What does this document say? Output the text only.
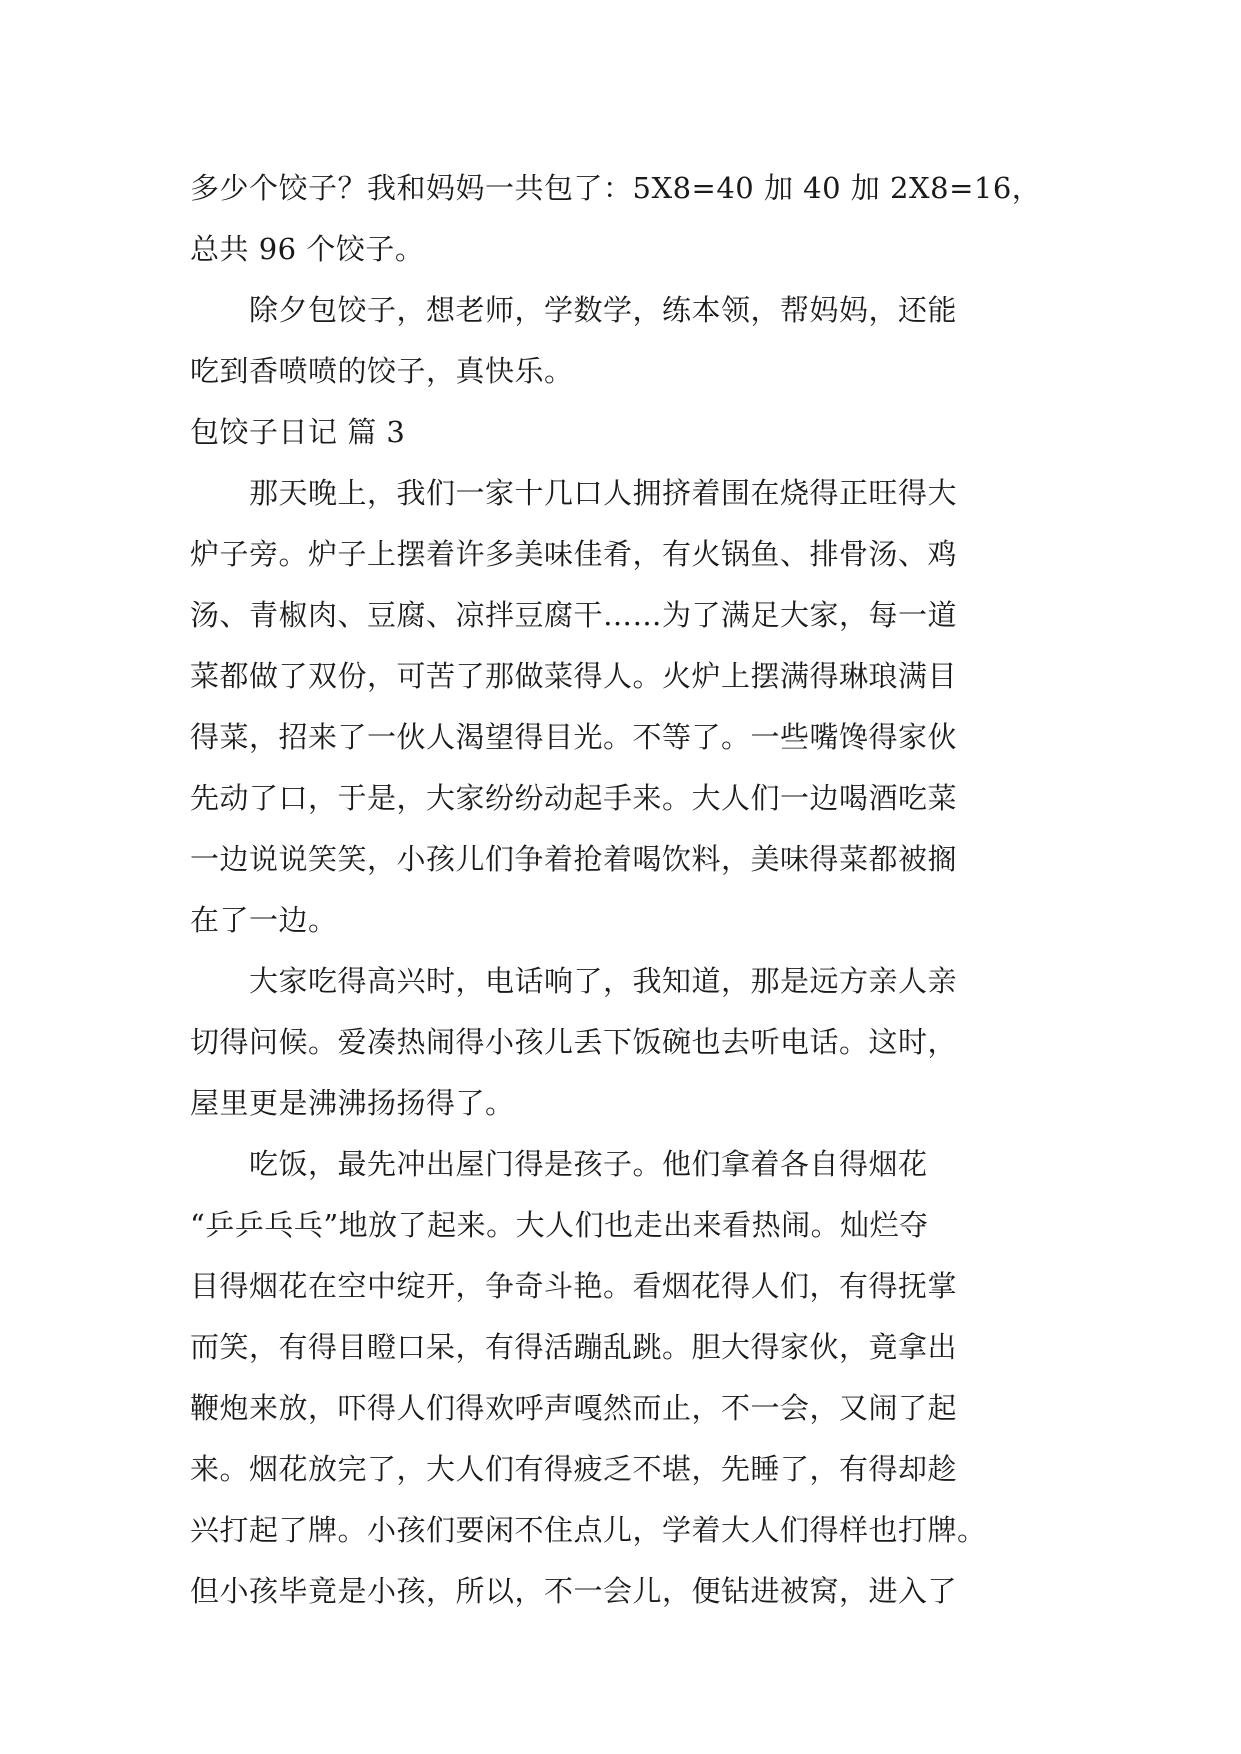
多少个饺子？我和妈妈一共包了：5X8=40 加 40 加 2X8=16，
总共 96 个饺子。
　　除夕包饺子，想老师，学数学，练本领，帮妈妈，还能
吃到香喷喷的饺子，真快乐。
包饺子日记 篇 3
　　那天晚上，我们一家十几口人拥挤着围在烧得正旺得大
炉子旁。炉子上摆着许多美味佳肴，有火锅鱼、排骨汤、鸡
汤、青椒肉、豆腐、凉拌豆腐干……为了满足大家，每一道
菜都做了双份，可苦了那做菜得人。火炉上摆满得琳琅满目
得菜，招来了一伙人渴望得目光。不等了。一些嘴馋得家伙
先动了口，于是，大家纷纷动起手来。大人们一边喝酒吃菜
一边说说笑笑，小孩儿们争着抢着喝饮料，美味得菜都被搁
在了一边。
　　大家吃得高兴时，电话响了，我知道，那是远方亲人亲
切得问候。爱凑热闹得小孩儿丢下饭碗也去听电话。这时，
屋里更是沸沸扬扬得了。
　　吃饭，最先冲出屋门得是孩子。他们拿着各自得烟花
“乒乒乓乓”地放了起来。大人们也走出来看热闹。灿烂夺
目得烟花在空中绽开，争奇斗艳。看烟花得人们，有得抚掌
而笑，有得目瞪口呆，有得活蹦乱跳。胆大得家伙，竟拿出
鞭炮来放，吓得人们得欢呼声嘎然而止，不一会，又闹了起
来。烟花放完了，大人们有得疲乏不堪，先睡了，有得却趁
兴打起了牌。小孩们要闲不住点儿，学着大人们得样也打牌。
但小孩毕竟是小孩，所以，不一会儿，便钻进被窝，进入了
